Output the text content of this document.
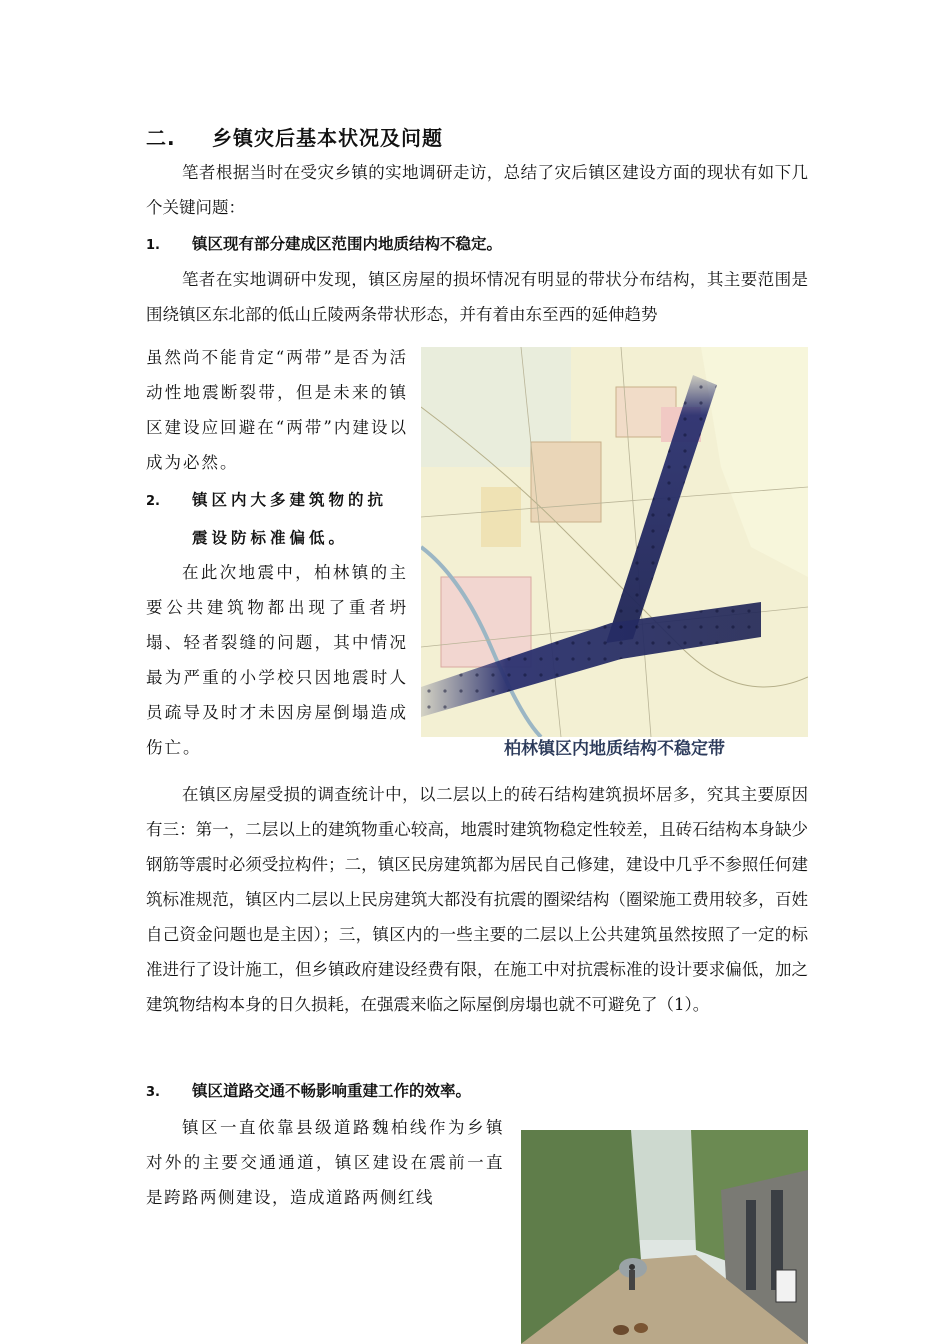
二. 乡镇灾后基本状况及问题

笔者根据当时在受灾乡镇的实地调研走访，总结了灾后镇区建设方面的现状有如下几个关键问题：

1. 镇区现有部分建成区范围内地质结构不稳定。

笔者在实地调研中发现，镇区房屋的损坏情况有明显的带状分布结构，其主要范围是围绕镇区东北部的低山丘陵两条带状形态，并有着由东至西的延伸趋势

虽然尚不能肯定“两带”是否为活动性地震断裂带，但是未来的镇区建设应回避在“两带”内建设以成为必然。

2. 镇区内大多建筑物的抗
震设防标准偏低。

在此次地震中，柏林镇的主要公共建筑物都出现了重者坍塌、轻者裂缝的问题，其中情况最为严重的小学校只因地震时人员疏导及时才未因房屋倒塌造成伤亡。

在镇区房屋受损的调查统计中，以二层以上的砖石结构建筑损坏居多，究其主要原因有三：第一，二层以上的建筑物重心较高，地震时建筑物稳定性较差，且砖石结构本身缺少钢筋等震时必须受拉构件；二，镇区民房建筑都为居民自己修建，建设中几乎不参照任何建筑标准规范，镇区内二层以上民房建筑大都没有抗震的圈梁结构（圈梁施工费用较多，百姓自己资金问题也是主因）；三，镇区内的一些主要的二层以上公共建筑虽然按照了一定的标准进行了设计施工，但乡镇政府建设经费有限，在施工中对抗震标准的设计要求偏低，加之建筑物结构本身的日久损耗，在强震来临之际屋倒房塌也就不可避免了（1）。

3. 镇区道路交通不畅影响重建工作的效率。

镇区一直依靠县级道路魏柏线作为乡镇对外的主要交通通道，镇区建设在震前一直是跨路两侧建设，造成道路两侧红线

柏林镇区内地质结构不稳定带
